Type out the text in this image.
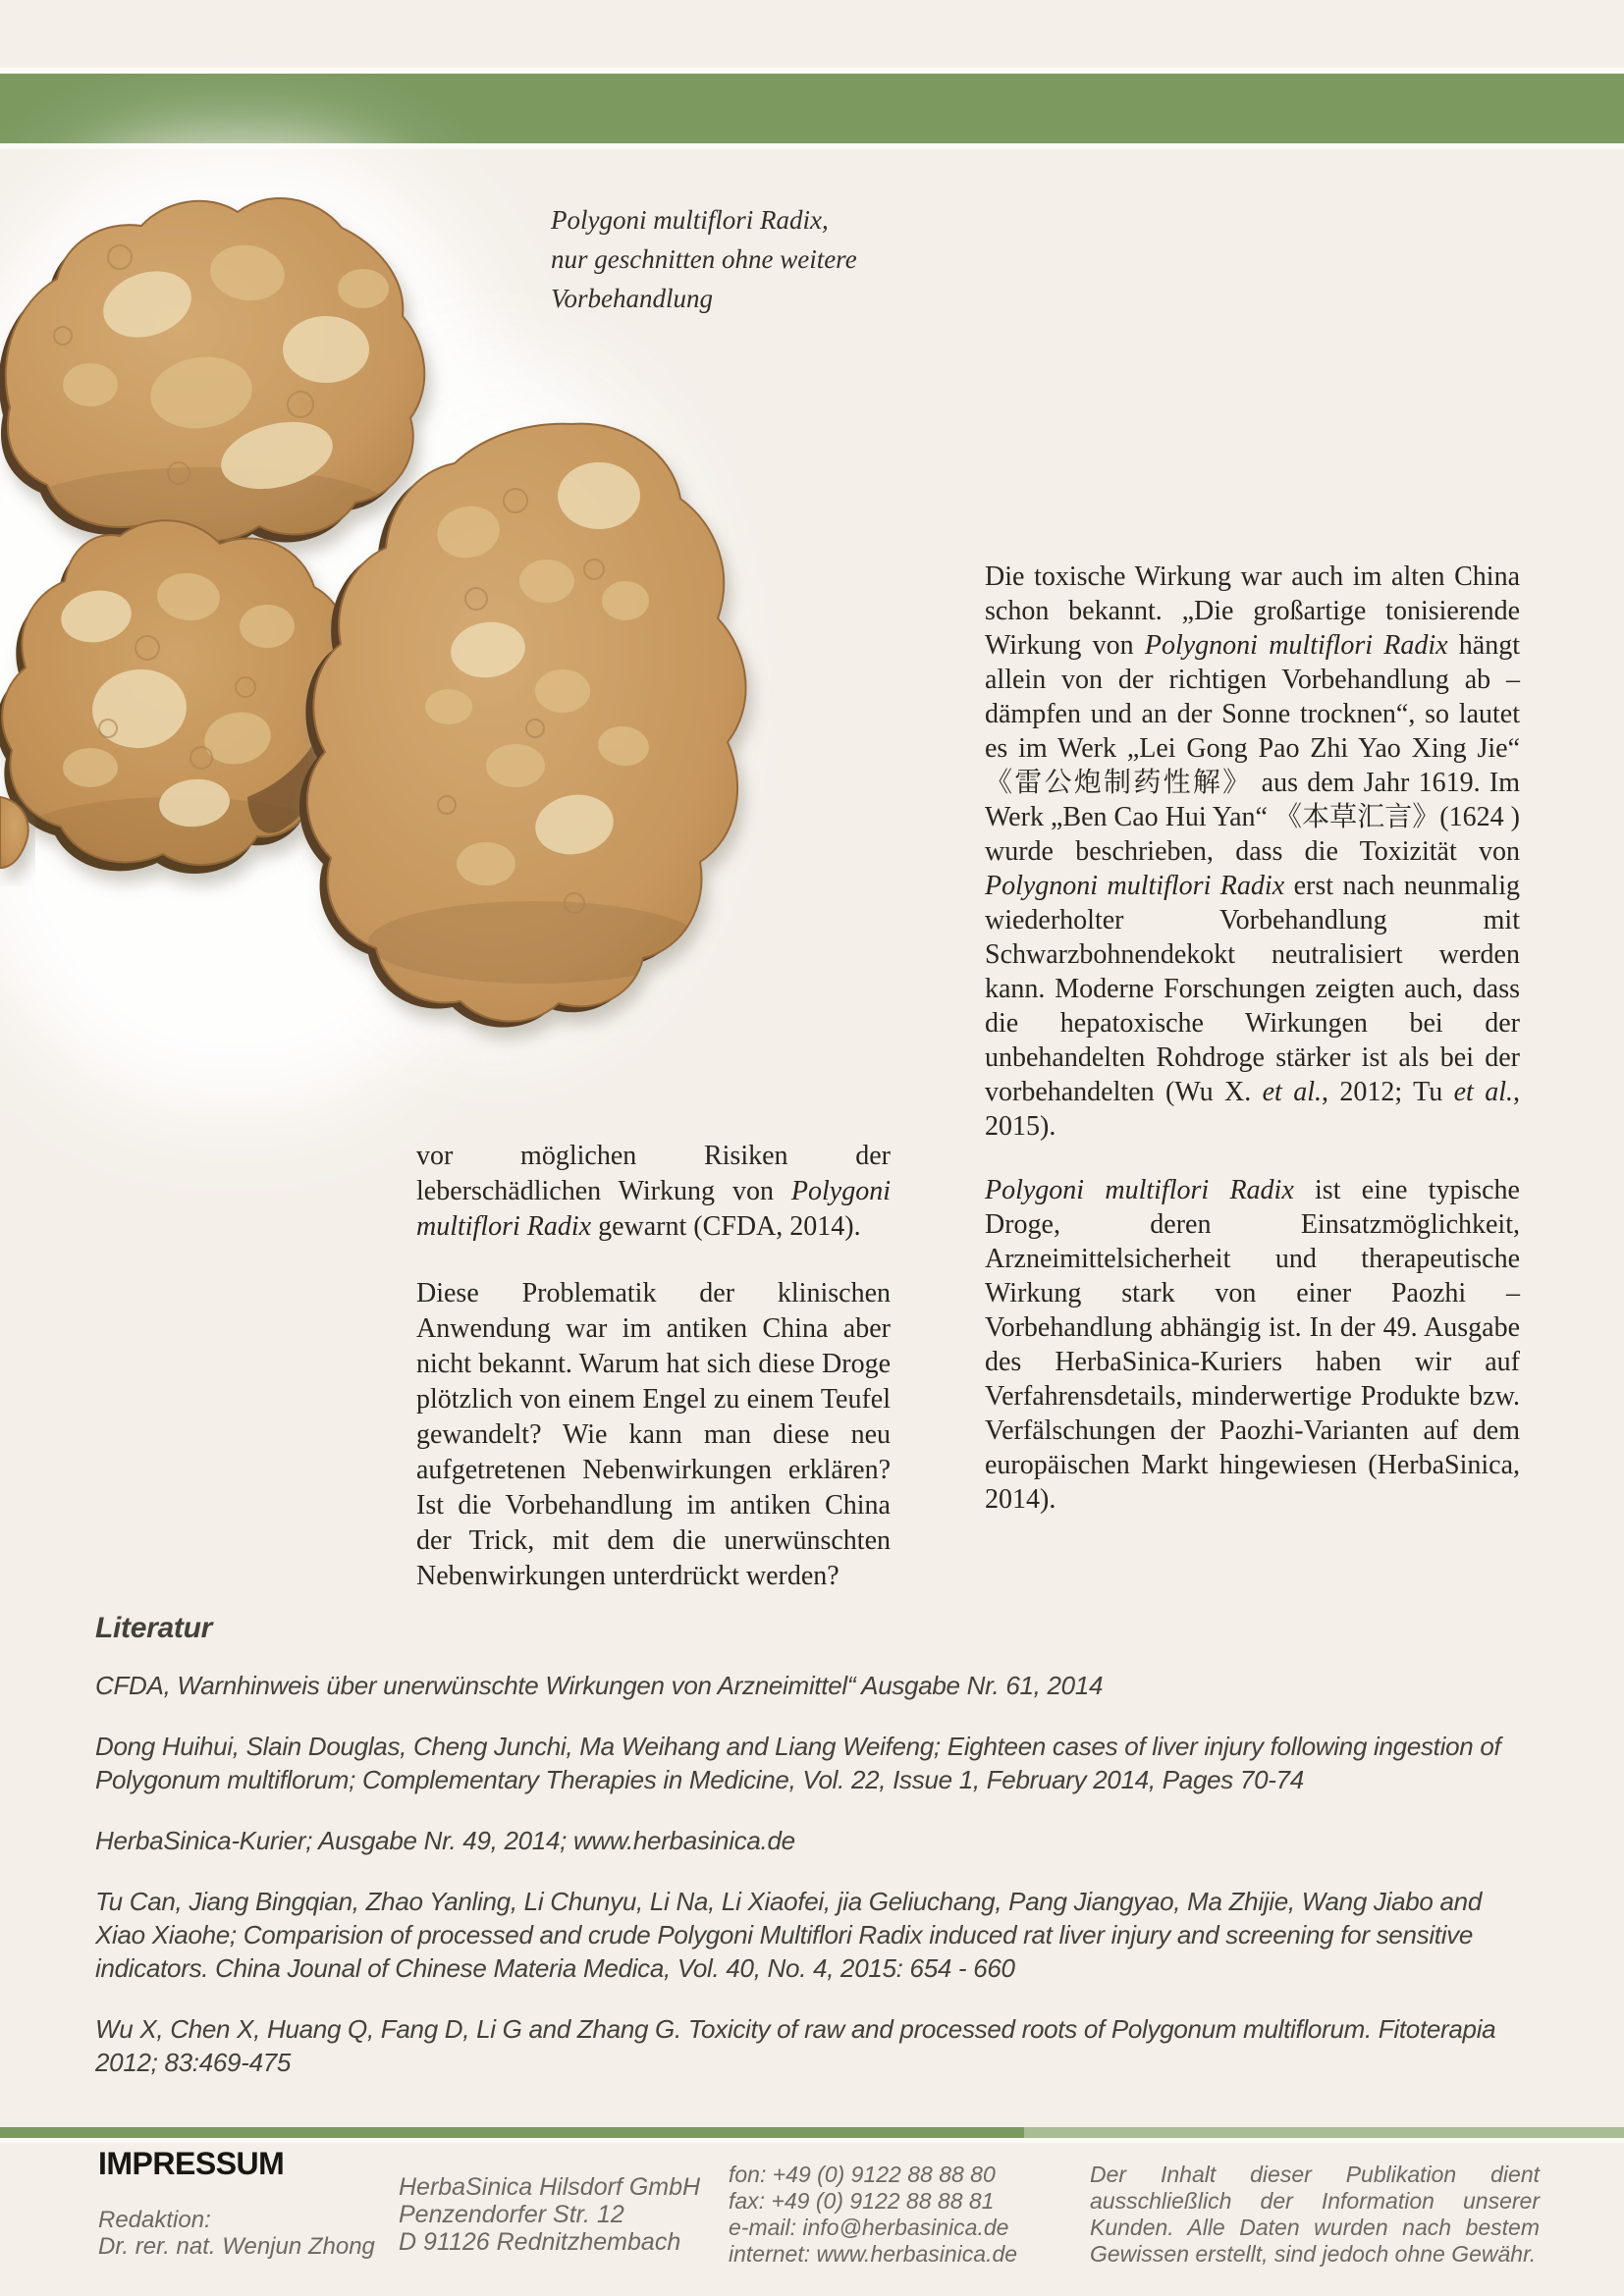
Polygoni multiflori Radix,
nur geschnitten ohne weitere
Vorbehandlung

vor möglichen Risiken der leberschädlichen Wirkung von Polygoni multiflori Radix gewarnt (CFDA, 2014).

Diese Problematik der klinischen Anwendung war im antiken China aber nicht bekannt. Warum hat sich diese Droge plötzlich von einem Engel zu einem Teufel gewandelt? Wie kann man diese neu aufgetretenen Nebenwirkungen erklären? Ist die Vorbehandlung im antiken China der Trick, mit dem die unerwünschten Nebenwirkungen unterdrückt werden?

Die toxische Wirkung war auch im alten China schon bekannt. „Die großartige tonisierende Wirkung von Polygnoni multiflori Radix hängt allein von der richtigen Vorbehandlung ab – dämpfen und an der Sonne trocknen“, so lautet es im Werk „Lei Gong Pao Zhi Yao Xing Jie“ 《雷公炮制药性解》 aus dem Jahr 1619. Im Werk „Ben Cao Hui Yan“ 《本草汇言》(1624 ) wurde beschrieben, dass die Toxizität von Polygnoni multiflori Radix erst nach neunmalig wiederholter Vorbehandlung mit Schwarzbohnendekokt neutralisiert werden kann. Moderne Forschungen zeigten auch, dass die hepatoxische Wirkungen bei der unbehandelten Rohdroge stärker ist als bei der vorbehandelten (Wu X. et al., 2012; Tu et al., 2015).

Polygoni multiflori Radix ist eine typische Droge, deren Einsatzmöglichkeit, Arzneimittelsicherheit und therapeutische Wirkung stark von einer Paozhi – Vorbehandlung abhängig ist. In der 49. Ausgabe des HerbaSinica-Kuriers haben wir auf Verfahrensdetails, minderwertige Produkte bzw. Verfälschungen der Paozhi-Varianten auf dem europäischen Markt hingewiesen (HerbaSinica, 2014).

Literatur

CFDA, Warnhinweis über unerwünschte Wirkungen von Arzneimittel“ Ausgabe Nr. 61, 2014

Dong Huihui, Slain Douglas, Cheng Junchi, Ma Weihang and Liang Weifeng; Eighteen cases of liver injury following ingestion of Polygonum multiflorum; Complementary Therapies in Medicine, Vol. 22, Issue 1, February 2014, Pages 70-74

HerbaSinica-Kurier; Ausgabe Nr. 49, 2014; www.herbasinica.de

Tu Can, Jiang Bingqian, Zhao Yanling, Li Chunyu, Li Na, Li Xiaofei, jia Geliuchang, Pang Jiangyao, Ma Zhijie, Wang Jiabo and Xiao Xiaohe; Comparision of processed and crude Polygoni Multiflori Radix induced rat liver injury and screening for sensitive indicators. China Jounal of Chinese Materia Medica, Vol. 40, No. 4, 2015: 654 - 660

Wu X, Chen X, Huang Q, Fang D, Li G and Zhang G. Toxicity of raw and processed roots of Polygonum multiflorum. Fitoterapia 2012; 83:469-475

IMPRESSUM
Redaktion:
Dr. rer. nat. Wenjun Zhong
HerbaSinica Hilsdorf GmbH
Penzendorfer Str. 12
D 91126 Rednitzhembach
fon: +49 (0) 9122 88 88 80
fax: +49 (0) 9122 88 88 81
e-mail: info@herbasinica.de
internet: www.herbasinica.de
Der Inhalt dieser Publikation dient ausschließlich der Information unserer Kunden. Alle Daten wurden nach bestem Gewissen erstellt, sind jedoch ohne Gewähr.
